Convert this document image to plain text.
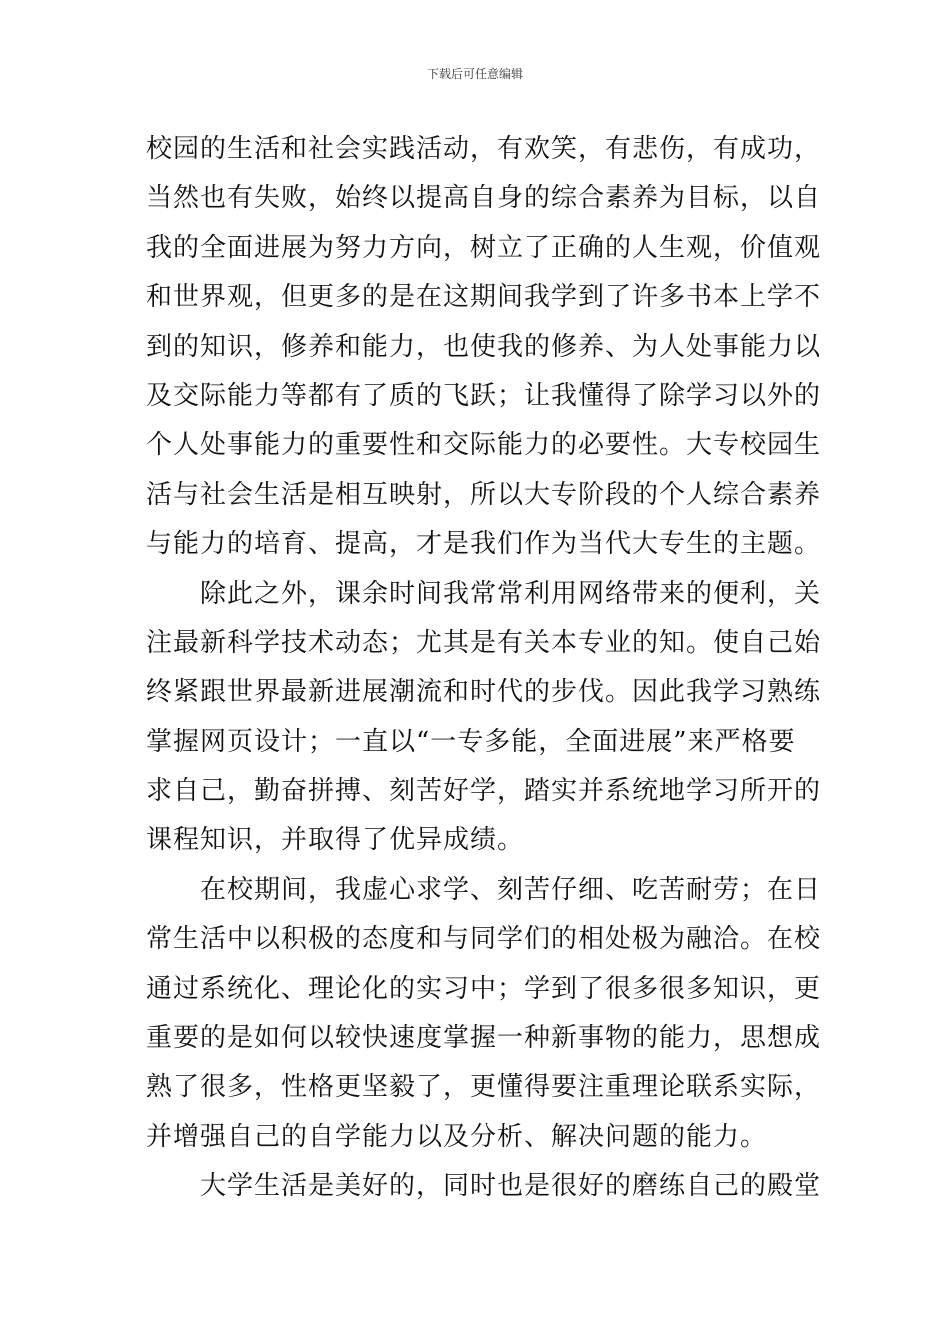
下载后可任意编辑

校园的生活和社会实践活动，有欢笑，有悲伤，有成功，
当然也有失败，始终以提高自身的综合素养为目标，以自
我的全面进展为努力方向，树立了正确的人生观，价值观
和世界观，但更多的是在这期间我学到了许多书本上学不
到的知识，修养和能力，也使我的修养、为人处事能力以
及交际能力等都有了质的飞跃；让我懂得了除学习以外的
个人处事能力的重要性和交际能力的必要性。大专校园生
活与社会生活是相互映射，所以大专阶段的个人综合素养
与能力的培育、提高，才是我们作为当代大专生的主题。

除此之外，课余时间我常常利用网络带来的便利，关
注最新科学技术动态；尤其是有关本专业的知。使自己始
终紧跟世界最新进展潮流和时代的步伐。因此我学习熟练
掌握网页设计；一直以“一专多能，全面进展”来严格要
求自己，勤奋拼搏、刻苦好学，踏实并系统地学习所开的
课程知识，并取得了优异成绩。

在校期间，我虚心求学、刻苦仔细、吃苦耐劳；在日
常生活中以积极的态度和与同学们的相处极为融洽。在校
通过系统化、理论化的实习中；学到了很多很多知识，更
重要的是如何以较快速度掌握一种新事物的能力，思想成
熟了很多，性格更坚毅了，更懂得要注重理论联系实际，
并增强自己的自学能力以及分析、解决问题的能力。

大学生活是美好的，同时也是很好的磨练自己的殿堂
